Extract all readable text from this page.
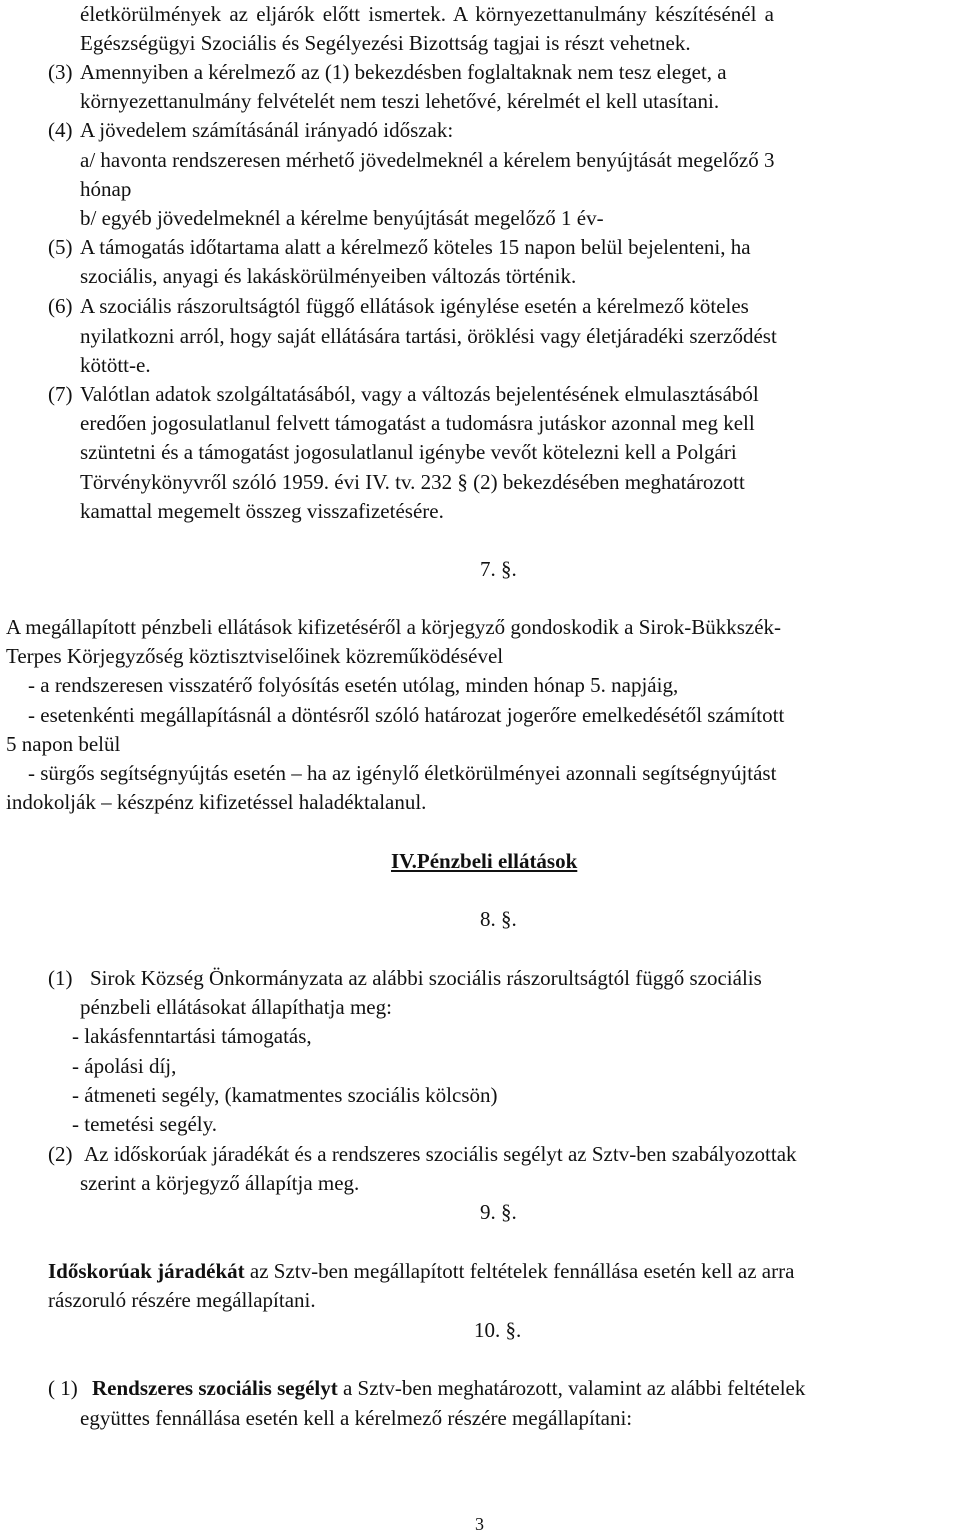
életkörülmények az eljárók előtt ismertek. A környezettanulmány készítésénél a
Egészségügyi Szociális és Segélyezési Bizottság tagjai is részt vehetnek.
(3) Amennyiben a kérelmező az (1) bekezdésben foglaltaknak nem tesz eleget, a
környezettanulmány felvételét nem teszi lehetővé, kérelmét el kell utasítani.
(4) A jövedelem számításánál irányadó időszak:
a/ havonta rendszeresen mérhető jövedelmeknél a kérelem benyújtását megelőző 3
hónap
b/ egyéb jövedelmeknél a kérelme benyújtását megelőző 1 év-
(5) A támogatás időtartama alatt a kérelmező köteles 15 napon belül bejelenteni, ha
szociális, anyagi és lakáskörülményeiben változás történik.
(6) A szociális rászorultságtól függő ellátások igénylése esetén a kérelmező köteles
nyilatkozni arról, hogy saját ellátására tartási, öröklési vagy életjáradéki szerződést
kötött-e.
(7) Valótlan adatok szolgáltatásából, vagy a változás bejelentésének elmulasztásából
eredően jogosulatlanul felvett támogatást a tudomásra jutáskor azonnal meg kell
szüntetni és a támogatást jogosulatlanul igénybe vevőt kötelezni kell a Polgári
Törvénykönyvről szóló 1959. évi IV. tv. 232 § (2) bekezdésében meghatározott
kamattal megemelt összeg visszafizetésére.
7. §.
A megállapított pénzbeli ellátások kifizetéséről a körjegyző gondoskodik a Sirok-Bükkszék-
Terpes Körjegyzőség köztisztviselőinek közreműködésével
- a rendszeresen visszatérő folyósítás esetén utólag, minden hónap 5. napjáig,
- esetenkénti megállapításnál a döntésről szóló határozat jogerőre emelkedésétől számított
5 napon belül
- sürgős segítségnyújtás esetén – ha az igénylő életkörülményei azonnali segítségnyújtást
indokolják – készpénz kifizetéssel haladéktalanul.
IV.Pénzbeli ellátások
8. §.
(1) Sirok Község Önkormányzata az alábbi szociális rászorultságtól függő szociális
pénzbeli ellátásokat állapíthatja meg:
- lakásfenntartási támogatás,
- ápolási díj,
- átmeneti segély, (kamatmentes szociális kölcsön)
- temetési segély.
(2) Az időskorúak járadékát és a rendszeres szociális segélyt az Sztv-ben szabályozottak
szerint a körjegyző állapítja meg.
9. §.
Időskorúak járadékát az Sztv-ben megállapított feltételek fennállása esetén kell az arra
rászoruló részére megállapítani.
10. §.
( 1) Rendszeres szociális segélyt a Sztv-ben meghatározott, valamint az alábbi feltételek
együttes fennállása esetén kell a kérelmező részére megállapítani:
3
